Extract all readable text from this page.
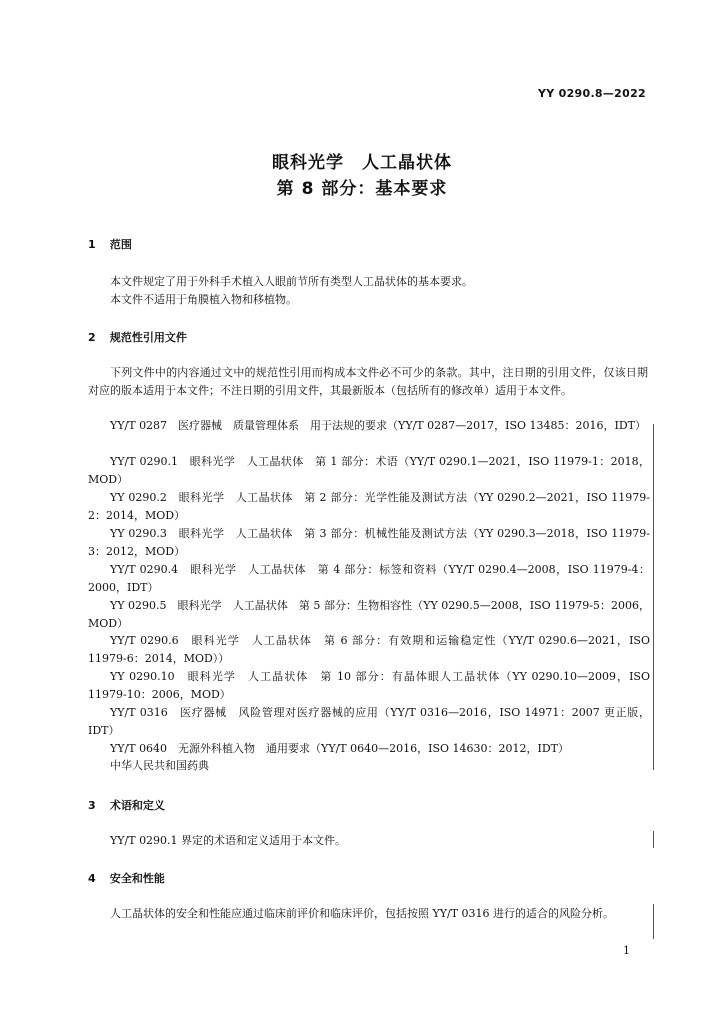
YY 0290.8—2022
眼科光学　人工晶状体
第 8 部分：基本要求
1 范围
本文件规定了用于外科手术植入人眼前节所有类型人工晶状体的基本要求。
本文件不适用于角膜植入物和移植物。
2 规范性引用文件
下列文件中的内容通过文中的规范性引用而构成本文件必不可少的条款。其中，注日期的引用文件，仅该日期对应的版本适用于本文件；不注日期的引用文件，其最新版本（包括所有的修改单）适用于本文件。
YY/T 0287　医疗器械　质量管理体系　用于法规的要求（YY/T 0287—2017，ISO 13485：2016，IDT）
YY/T 0290.1　眼科光学　人工晶状体　第 1 部分：术语（YY/T 0290.1—2021，ISO 11979-1：2018，MOD）
YY 0290.2　眼科光学　人工晶状体　第 2 部分：光学性能及测试方法（YY 0290.2—2021，ISO 11979-2：2014，MOD）
YY 0290.3　眼科光学　人工晶状体　第 3 部分：机械性能及测试方法（YY 0290.3—2018，ISO 11979-3：2012，MOD）
YY/T 0290.4　眼科光学　人工晶状体　第 4 部分：标签和资料（YY/T 0290.4—2008，ISO 11979-4：2000，IDT）
YY 0290.5　眼科光学　人工晶状体　第 5 部分：生物相容性（YY 0290.5—2008，ISO 11979-5：2006，MOD）
YY/T 0290.6　眼科光学　人工晶状体　第 6 部分：有效期和运输稳定性（YY/T 0290.6—2021，ISO 11979-6：2014，MOD））
YY 0290.10　眼科光学　人工晶状体　第 10 部分：有晶体眼人工晶状体（YY 0290.10—2009，ISO 11979-10：2006，MOD）
YY/T 0316　医疗器械　风险管理对医疗器械的应用（YY/T 0316—2016，ISO 14971：2007 更正版，IDT）
YY/T 0640　无源外科植入物　通用要求（YY/T 0640—2016，ISO 14630：2012，IDT）
中华人民共和国药典
3 术语和定义
YY/T 0290.1 界定的术语和定义适用于本文件。
4 安全和性能
人工晶状体的安全和性能应通过临床前评价和临床评价，包括按照 YY/T 0316 进行的适合的风险分析。
1
